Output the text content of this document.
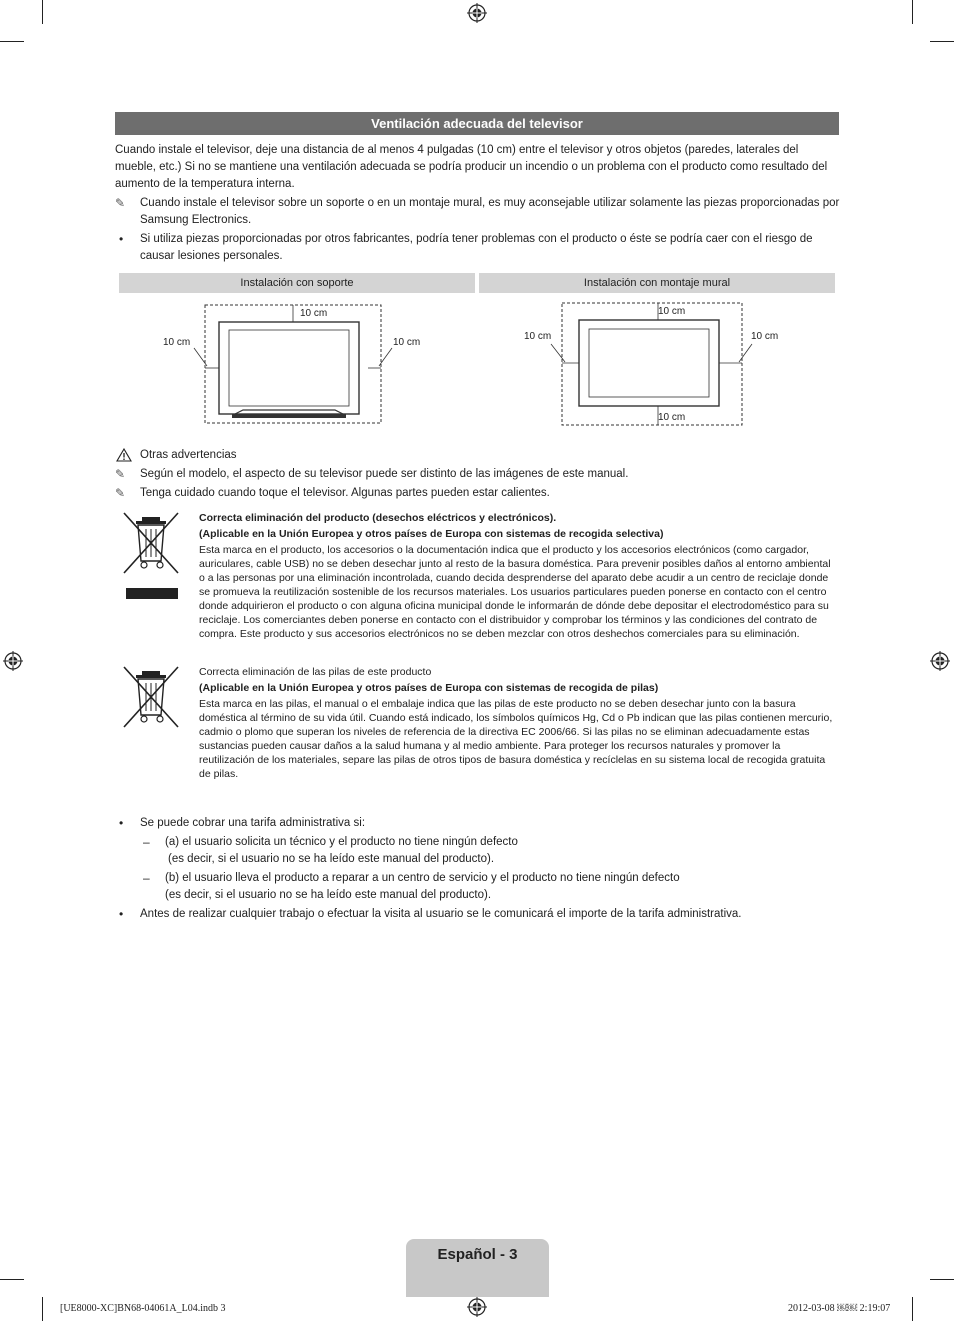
Ventilación adecuada del televisor
Cuando instale el televisor, deje una distancia de al menos 4 pulgadas (10 cm) entre el televisor y otros objetos (paredes, laterales del mueble, etc.) Si no se mantiene una ventilación adecuada se podría producir un incendio o un problema con el producto como resultado del aumento de la temperatura interna.
✎	Cuando instale el televisor sobre un soporte o en un montaje mural, es muy aconsejable utilizar solamente las piezas proporcionadas por Samsung Electronics.
•	Si utiliza piezas proporcionadas por otros fabricantes, podría tener problemas con el producto o éste se podría caer con el riesgo de causar lesiones personales.
Instalación con soporte	Instalación con montaje mural
10 cm
10 cm	10 cm
10 cm
10 cm	10 cm
10 cm
Otras advertencias
✎	Según el modelo, el aspecto de su televisor puede ser distinto de las imágenes de este manual.
✎	Tenga cuidado cuando toque el televisor. Algunas partes pueden estar calientes.
Correcta eliminación del producto (desechos eléctricos y electrónicos).
(Aplicable en la Unión Europea y otros países de Europa con sistemas de recogida selectiva)
Esta marca en el producto, los accesorios o la documentación indica que el producto y los accesorios electrónicos (como cargador, auriculares, cable USB) no se deben desechar junto al resto de la basura doméstica. Para prevenir posibles daños al entorno ambiental o a las personas por una eliminación incontrolada, cuando decida desprenderse del aparato debe acudir a un centro de reciclaje donde se promueva la reutilización sostenible de los recursos materiales. Los usuarios particulares pueden ponerse en contacto con el centro donde adquirieron el producto o con alguna oficina municipal donde le informarán de dónde debe depositar el electrodoméstico para su reciclaje. Los comerciantes deben ponerse en contacto con el distribuidor y comprobar los términos y las condiciones del contrato de compra. Este producto y sus accesorios electrónicos no se deben mezclar con otros deshechos comerciales para su eliminación.
Correcta eliminación de las pilas de este producto
(Aplicable en la Unión Europea y otros países de Europa con sistemas de recogida de pilas)
Esta marca en las pilas, el manual o el embalaje indica que las pilas de este producto no se deben desechar junto con la basura doméstica al término de su vida útil. Cuando está indicado, los símbolos químicos Hg, Cd o Pb indican que las pilas contienen mercurio, cadmio o plomo que superan los niveles de referencia de la directiva EC 2006/66. Si las pilas no se eliminan adecuadamente estas sustancias pueden causar daños a la salud humana y al medio ambiente. Para proteger los recursos naturales y promover la reutilización de los materiales, separe las pilas de otros tipos de basura doméstica y recíclelas en su sistema local de recogida gratuita de pilas.
•	Se puede cobrar una tarifa administrativa si:
–	(a) el usuario solicita un técnico y el producto no tiene ningún defecto
(es decir, si el usuario no se ha leído este manual del producto).
–	(b) el usuario lleva el producto a reparar a un centro de servicio y el producto no tiene ningún defecto
(es decir, si el usuario no se ha leído este manual del producto).
•	Antes de realizar cualquier trabajo o efectuar la visita al usuario se le comunicará el importe de la tarifa administrativa.
Español - 3
[UE8000-XC]BN68-04061A_L04.indb 3	2012-03-08 ￼￼ 2:19:07
